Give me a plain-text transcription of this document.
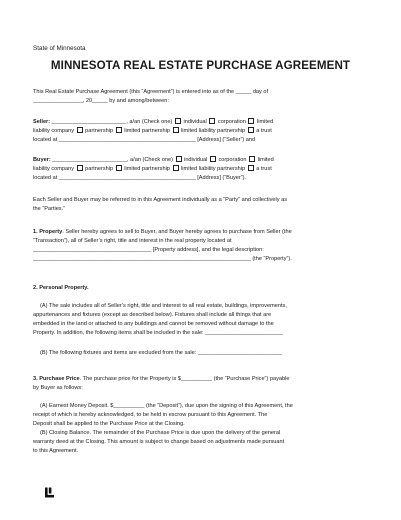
State of Minnesota
MINNESOTA REAL ESTATE PURCHASE AGREEMENT
This Real Estate Purchase Agreement (this “Agreement”) is entered into as of the _____ day of
________________, 20_____ by and among/between:
Seller: ________________________, a/an (Check one)  individual  corporation  limited
liability company  partnership  limited partnership  limited liability partnership  a trust
located at ____________________________________________ [Address] (“Seller”) and
Buyer: ________________________, a/an (Check one)  individual  corporation  limited
liability company  partnership  limited partnership  limited liability partnership  a trust
located at ____________________________________________ [Address] (“Buyer”).
Each Seller and Buyer may be referred to in this Agreement individually as a “Party” and collectively as
the “Parties.”
1. Property. Seller hereby agrees to sell to Buyer, and Buyer hereby agrees to purchase from Seller (the
“Transaction”), all of Seller’s right, title and interest in the real property located at
______________________________________ [Property address], and the legal description:
______________________________________________________________________ (the “Property”).
2. Personal Property.
(A) The sale includes all of Seller’s right, title and interest to all real estate, buildings, improvements,
appurtenances and fixtures (except as described below). Fixtures shall include all things that are
embedded in the land or attached to any buildings and cannot be removed without damage to the
Property. In addition, the following items shall be included in the sale: _________________________
(B) The following fixtures and items are excluded from the sale: ___________________________
3. Purchase Price. The purchase price for the Property is $__________ (the “Purchase Price”) payable
by Buyer as follows:
(A) Earnest Money Deposit. $__________ (the “Deposit”), due upon the signing of this Agreement, the
receipt of which is hereby acknowledged, to be held in escrow pursuant to this Agreement. The
Deposit shall be applied to the Purchase Price at the Closing.
(B) Closing Balance. The remainder of the Purchase Price is due upon the delivery of the general
warranty deed at the Closing. This amount is subject to change based on adjustments made pursuant
to this Agreement.
